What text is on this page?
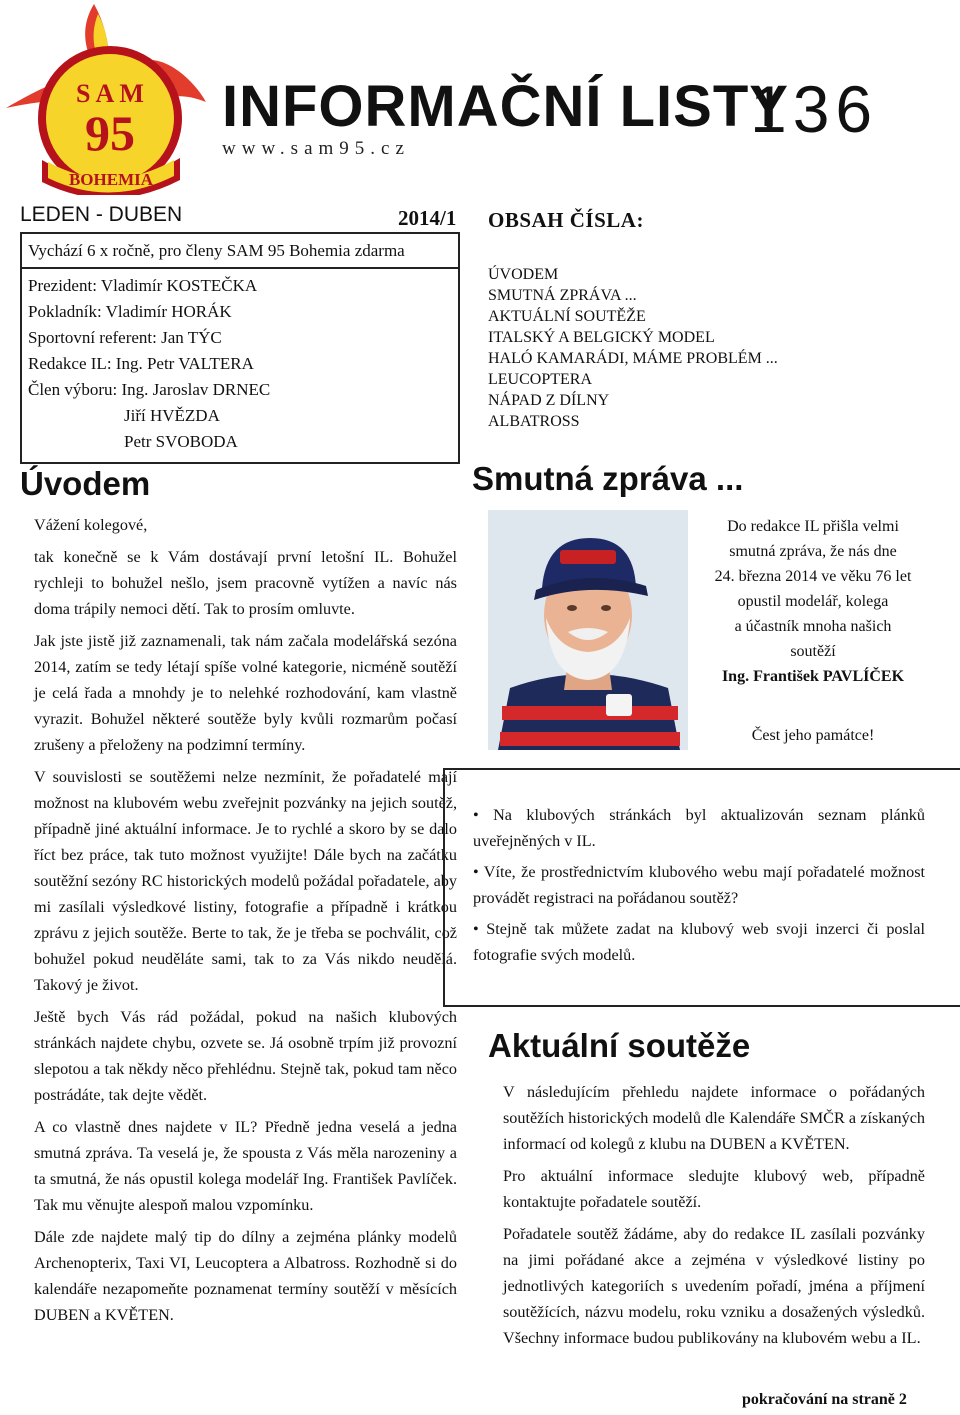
S A M
95
BOHEMIA
INFORMAČNÍ LISTY
136
www.sam95.cz
LEDEN - DUBEN	2014/1
Vychází 6 x ročně, pro členy SAM 95 Bohemia zdarma
Prezident: Vladimír KOSTEČKA
Pokladník: Vladimír HORÁK
Sportovní referent: Jan TÝC
Redakce IL: Ing. Petr VALTERA
Člen výboru: Ing. Jaroslav DRNEC
Jiří HVĚZDA
Petr SVOBODA
OBSAH ČÍSLA:
ÚVODEM
SMUTNÁ ZPRÁVA ...
AKTUÁLNÍ SOUTĚŽE
ITALSKÝ A BELGICKÝ MODEL
HALÓ KAMARÁDI, MÁME PROBLÉM ...
LEUCOPTERA
NÁPAD Z DÍLNY
ALBATROSS
Úvodem

Vážení kolegové,

tak konečně se k Vám dostávají první letošní IL. Bohužel rychleji to bohužel nešlo, jsem pracovně vytížen a navíc nás doma trápily nemoci dětí. Tak to prosím omluvte.

Jak jste jistě již zaznamenali, tak nám začala modelářská sezóna 2014, zatím se tedy létají spíše volné kategorie, nicméně soutěží je celá řada a mnohdy je to nelehké rozhodování, kam vlastně vyrazit. Bohužel některé soutěže byly kvůli rozmarům počasí zrušeny a přeloženy na podzimní termíny.

V souvislosti se soutěžemi nelze nezmínit, že pořadatelé mají možnost na klubovém webu zveřejnit pozvánky na jejich soutěž, případně jiné aktuální informace. Je to rychlé a skoro by se dalo říct bez práce, tak tuto možnost využijte! Dále bych na začátku soutěžní sezóny RC historických modelů požádal pořadatele, aby mi zasílali výsledkové listiny, fotografie a případně i krátkou zprávu z jejich soutěže. Berte to tak, že je třeba se pochválit, což bohužel pokud neuděláte sami, tak to za Vás nikdo neudělá. Takový je život.

Ještě bych Vás rád požádal, pokud na našich klubových stránkách najdete chybu, ozvete se. Já osobně trpím již provozní slepotou a tak někdy něco přehlédnu. Stejně tak, pokud tam něco postrádáte, tak dejte vědět.

A co vlastně dnes najdete v IL? Předně jedna veselá a jedna smutná zpráva. Ta veselá je, že spousta z Vás měla narozeniny a ta smutná, že nás opustil kolega modelář Ing. František Pavlíček. Tak mu věnujte alespoň malou vzpomínku.

Dále zde najdete malý tip do dílny a zejména plánky modelů Archenopterix, Taxi VI, Leucoptera a Albatross. Rozhodně si do kalendáře nezapomeňte poznamenat termíny soutěží v měsících DUBEN a KVĚTEN.

Smutná zpráva ...
Do redakce IL přišla velmi
smutná zpráva, že nás dne
24. března 2014 ve věku 76 let
opustil modelář, kolega
a účastník mnoha našich
soutěží
Ing. František PAVLÍČEK
Čest jeho památce!
• Na klubových stránkách byl aktualizován seznam plánků uveřejněných v IL.
• Víte, že prostřednictvím klubového webu mají pořadatelé možnost provádět registraci na pořádanou soutěž?
• Stejně tak můžete zadat na klubový web svoji inzerci či poslal fotografie svých modelů.
Aktuální soutěže

V následujícím přehledu najdete informace o pořádaných soutěžích historických modelů dle Kalendáře SMČR a získaných informací od kolegů z klubu na DUBEN a KVĚTEN.

Pro aktuální informace sledujte klubový web, případně kontaktujte pořadatele soutěží.

Pořadatele soutěž žádáme, aby do redakce IL zasílali pozvánky na jimi pořádané akce a zejména v výsledkové listiny po jednotlivých kategoriích s uvedením pořadí, jména a příjmení soutěžících, názvu modelu, roku vzniku a dosažených výsledků. Všechny informace budou publikovány na klubovém webu a IL.

pokračování na straně 2
